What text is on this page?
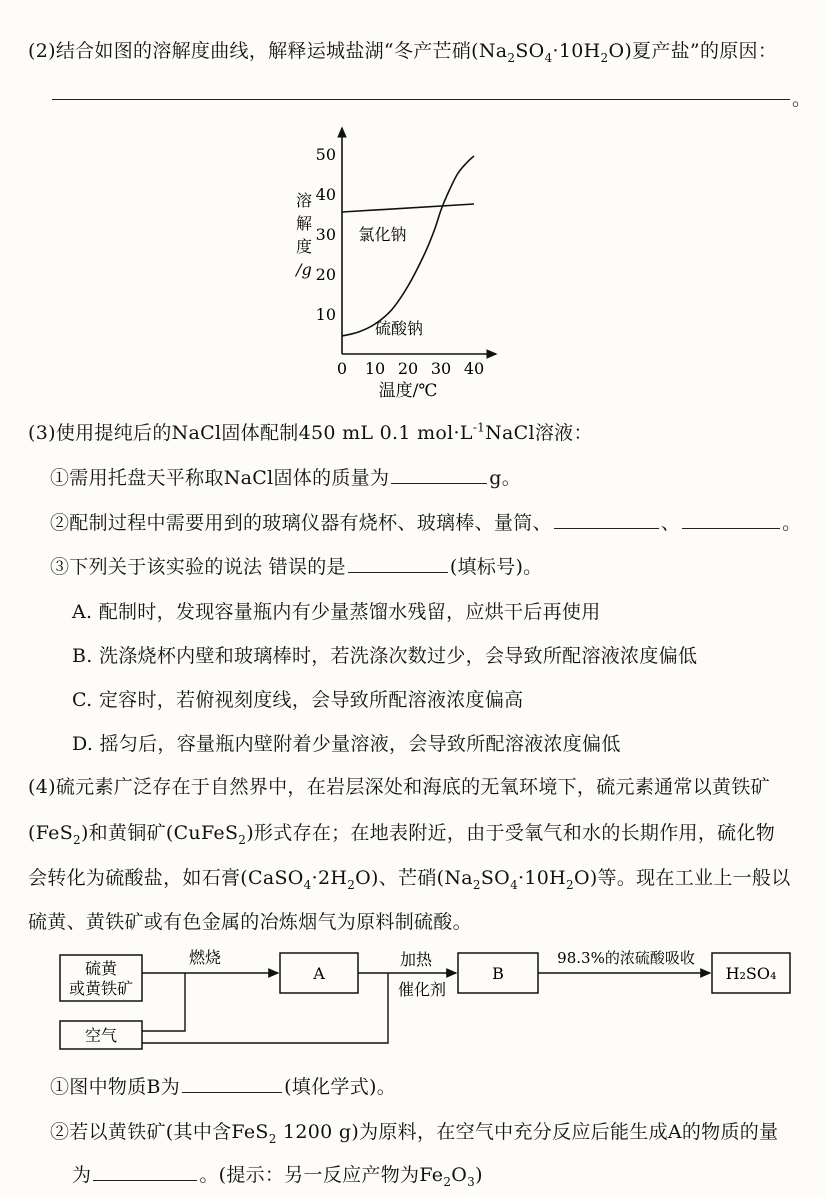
(2)结合如图的溶解度曲线，解释运城盐湖“冬产芒硝$(Na_2SO_4\cdot 10H_2O)$夏产盐”的原因：
。
10
20
30
40
50
0 10 20 30 40
溶
解
度
/g
温度/℃
氯化钠
硫酸钠
(3)使用提纯后的NaCl固体配制450 mL 0.1 $mol\cdot L^{-1}NaCl$溶液：
①需用托盘天平称取NaCl固体的质量为	g。
②配制过程中需要用到的玻璃仪器有烧杯、玻璃棒、量筒、	、	。
③下列关于该实验的说法 错误的是	(填标号)。
A. 配制时，发现容量瓶内有少量蒸馏水残留，应烘干后再使用
B. 洗涤烧杯内壁和玻璃棒时，若洗涤次数过少，会导致所配溶液浓度偏低
C. 定容时，若俯视刻度线，会导致所配溶液浓度偏高
D. 摇匀后，容量瓶内壁附着少量溶液，会导致所配溶液浓度偏低
(4)硫元素广泛存在于自然界中，在岩层深处和海底的无氧环境下，硫元素通常以黄铁矿
(FeS$_2$)和黄铜矿(CuFeS$_2$)形式存在；在地表附近，由于受氧气和水的长期作用，硫化物
会转化为硫酸盐，如石膏$(CaSO_4\cdot 2H_2O)$、芒硝$(Na_2SO_4\cdot 10H_2O)$等。现在工业上一般以
硫黄、黄铁矿或有色金属的冶炼烟气为原料制硫酸。
硫黄
或黄铁矿
空气
燃烧
A
加热
催化剂
B
98.3%的浓硫酸吸收
H₂SO₄
①图中物质B为	(填化学式)。
②若以黄铁矿(其中含FeS$_2$ 1200 g)为原料，在空气中充分反应后能生成A的物质的量
为	。(提示：另一反应产物为$Fe_2O_3$)
